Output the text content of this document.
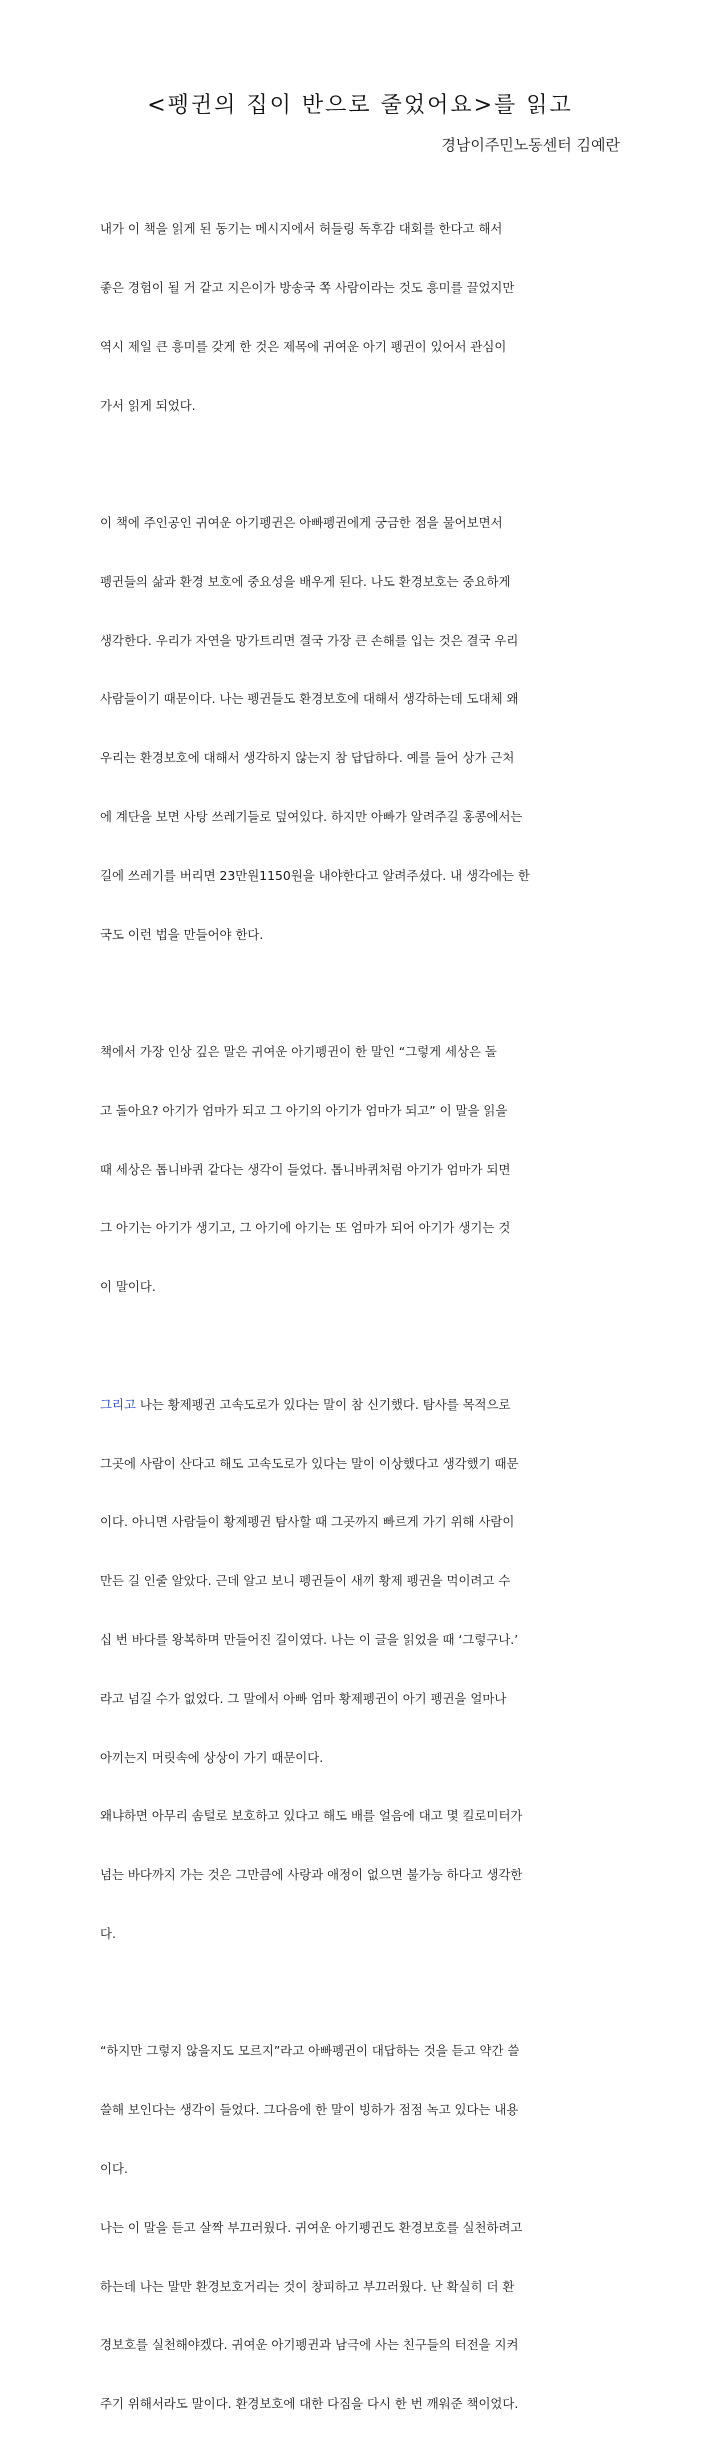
<펭귄의 집이 반으로 줄었어요>를 읽고
경남이주민노동센터 김예란

내가 이 책을 읽게 된 동기는 메시지에서 허들링 독후감 대회를 한다고 해서

좋은 경험이 될 거 같고 지은이가 방송국 쪽 사람이라는 것도 흥미를 끌었지만

역시 제일 큰 흥미를 갖게 한 것은 제목에 귀여운 아기 펭귄이 있어서 관심이

가서 읽게 되었다.

이 책에 주인공인 귀여운 아기펭귄은 아빠펭귄에게 궁금한 점을 물어보면서

펭귄들의 삶과 환경 보호에 중요성을 배우게 된다. 나도 환경보호는 중요하게

생각한다. 우리가 자연을 망가트리면 결국 가장 큰 손해를 입는 것은 결국 우리

사람들이기 때문이다. 나는 펭귄들도 환경보호에 대해서 생각하는데 도대체 왜

우리는 환경보호에 대해서 생각하지 않는지 참 답답하다. 예를 들어 상가 근처

에 계단을 보면 사탕 쓰레기들로 덮여있다. 하지만 아빠가 알려주길 홍콩에서는

길에 쓰레기를 버리면 23만원1150원을 내야한다고 알려주셨다. 내 생각에는 한

국도 이런 법을 만들어야 한다.

책에서 가장 인상 깊은 말은 귀여운 아기펭귄이 한 말인 “그렇게 세상은 돌

고 돌아요? 아기가 엄마가 되고 그 아기의 아기가 엄마가 되고” 이 말을 읽을

때 세상은 톱니바퀴 같다는 생각이 들었다. 톱니바퀴처럼 아기가 엄마가 되면

그 아기는 아기가 생기고, 그 아기에 아기는 또 엄마가 되어 아기가 생기는 것

이 말이다.

그리고 나는 황제펭귄 고속도로가 있다는 말이 참 신기했다. 탐사를 목적으로

그곳에 사람이 산다고 해도 고속도로가 있다는 말이 이상했다고 생각했기 때문

이다. 아니면 사람들이 황제펭귄 탐사할 때 그곳까지 빠르게 가기 위해 사람이

만든 길 인줄 알았다. 근데 알고 보니 펭귄들이 새끼 황제 펭귄을 먹이려고 수

십 번 바다를 왕복하며 만들어진 길이였다. 나는 이 글을 읽었을 때 ‘그렇구나.’

라고 넘길 수가 없었다. 그 말에서 아빠 엄마 황제펭귄이 아기 펭귄을 얼마나

아끼는지 머릿속에 상상이 가기 때문이다.

왜냐하면 아무리 솜털로 보호하고 있다고 해도 배를 얼음에 대고 몇 킬로미터가

넘는 바다까지 가는 것은 그만큼에 사랑과 애정이 없으면 불가능 하다고 생각한

다.

“하지만 그렇지 않을지도 모르지”라고 아빠펭귄이 대답하는 것을 듣고 약간 쓸

쓸해 보인다는 생각이 들었다. 그다음에 한 말이 빙하가 점점 녹고 있다는 내용

이다.

나는 이 말을 듣고 살짝 부끄러웠다. 귀여운 아기펭귄도 환경보호를 실천하려고

하는데 나는 말만 환경보호거리는 것이 창피하고 부끄러웠다. 난 확실히 더 환

경보호를 실천해야겠다. 귀여운 아기펭귄과 남극에 사는 친구들의 터전을 지켜

주기 위해서라도 말이다. 환경보호에 대한 다짐을 다시 한 번 깨워준 책이었다.
